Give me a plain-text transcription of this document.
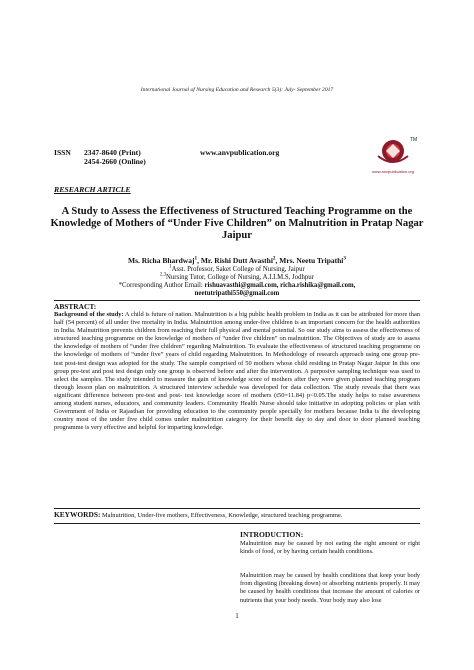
International Journal of Nursing Education and Research 5(3): July- September 2017
ISSN 2347-8640 (Print)
2454-2660 (Online)
www.anvpublication.org
TM
www.anvpublication.org
RESEARCH ARTICLE
A Study to Assess the Effectiveness of Structured Teaching Programme on the Knowledge of Mothers of “Under Five Children” on Malnutrition in Pratap Nagar Jaipur
Ms. Richa Bhardwaj$^1$, Mr. Rishi Dutt Avasthi$^2$, Mrs. Neetu Tripathi$^3$
$^1$Asst. Professor, Saket College of Nursing, Jaipur
$^{2,3}$Nursing Tutor, College of Nursing, A.I.I.M.S, Jodhpur
*Corresponding Author Email: rishuavasthi@gmail.com, richa.rishika@gmail.com,
neetutripathi550@gmail.com
ABSTRACT:
Background of the study: A child is future of nation. Malnutrition is a big public health problem in India as it can be attributed for more than half (54 percent) of all under five mortality in India. Malnutrition among under-five children is an important concern for the health authorities in India. Malnutrition prevents children from reaching their full physical and mental potential. So our study aims to assess the effectiveness of structured teaching programme on the knowledge of mothers of “under five children” on malnutrition. The Objectives of study are to assess the knowledge of mothers of “under five children” regarding Malnutrition. To evaluate the effectiveness of structured teaching programme on the knowledge of mothers of “under five” years of child regarding Malnutrition. In Methodology of research approach using one group pre-test post-test design was adopted for the study. The sample comprised of 50 mothers whose child residing in Pratap Nagar Jaipur In this one group pre-test and post test design only one group is observed before and after the intervention. A purposive sampling technique was used to select the samples. The study intended to measure the gain of knowledge score of mothers after they were given planned teaching program through lesson plan on malnutrition. A structured interview schedule was developed for data collection. The study reveals that there was significant difference between pre-test and post- test knowledge score of mothers (t50=11.84) p<0.05.The study helps to raise awareness among student nurses, educators, and community leaders. Community Health Nurse should take initiative in adopting policies or plan with Government of India or Rajasthan for providing education to the community people specially for mothers because India is the developing country most of the under five child comes under malnutrition category for their benefit day to day and door to door planned teaching programme is very effective and helpful for imparting knowledge.
KEYWORDS: Malnutrition, Under-five mothers, Effectiveness, Knowledge, structured teaching programme.
INTRODUCTION:
Malnutrition may be caused by not eating the right amount or right kinds of food, or by having certain health conditions.
Malnutrition may be caused by health conditions that keep your body from digesting (breaking down) or absorbing nutrients properly. It may be caused by health conditions that increase the amount of calories or nutrients that your body needs. Your body may also lose
1
